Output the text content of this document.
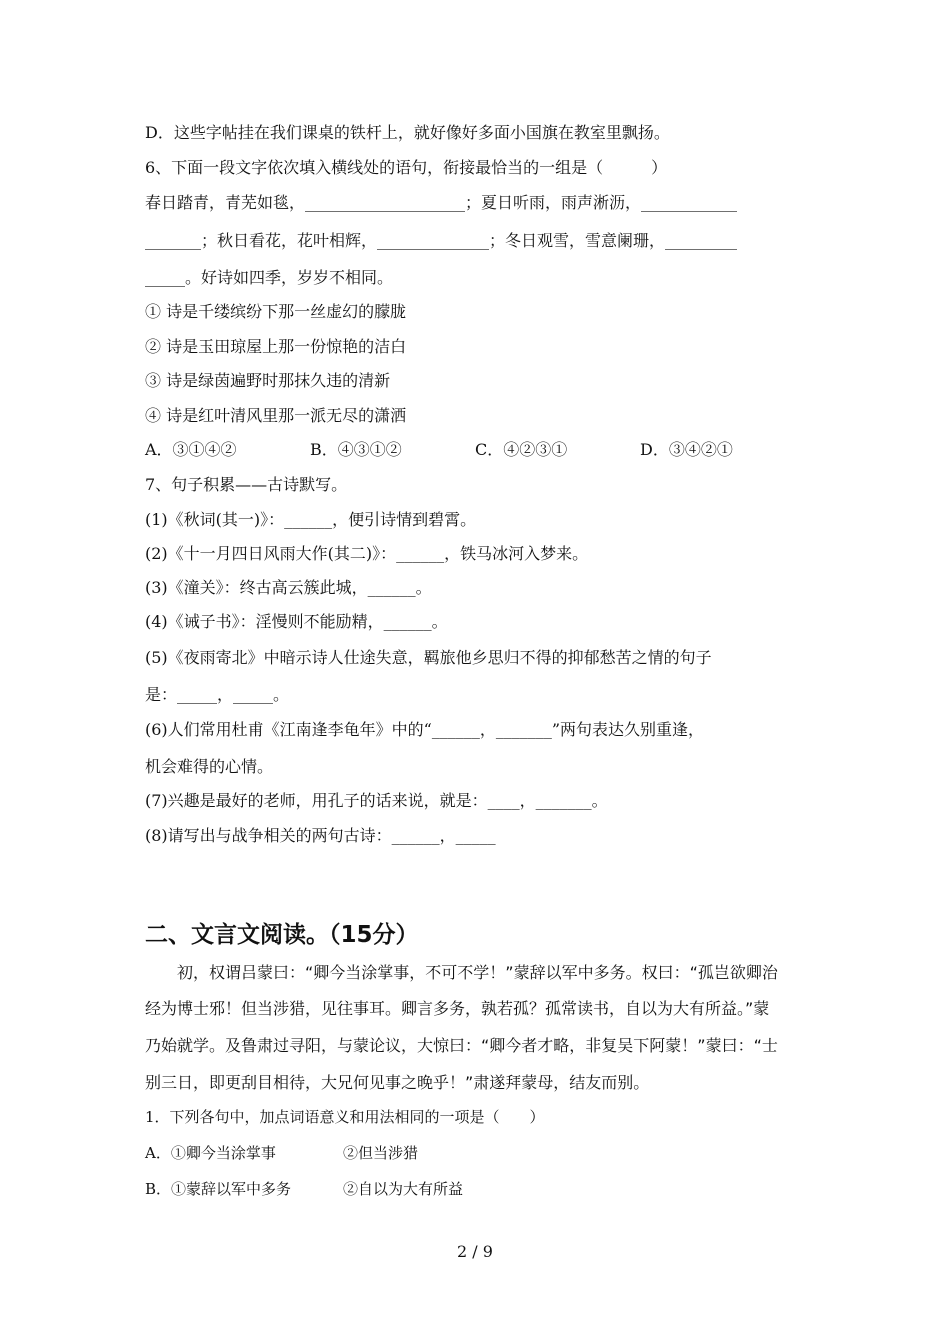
D．这些字帖挂在我们课桌的铁杆上，就好像好多面小国旗在教室里飘扬。
6、下面一段文字依次填入横线处的语句，衔接最恰当的一组是（　　　）
春日踏青，青芜如毯，____________________；夏日听雨，雨声淅沥，____________
_______；秋日看花，花叶相辉，______________；冬日观雪，雪意阑珊，_________
_____。好诗如四季，岁岁不相同。
① 诗是千缕缤纷下那一丝虚幻的朦胧
② 诗是玉田琼屋上那一份惊艳的洁白
③ 诗是绿茵遍野时那抹久违的清新
④ 诗是红叶清风里那一派无尽的潇洒
A．③①④②	B．④③①②	C．④②③①	D．③④②①
7、句子积累——古诗默写。
(1)《秋词(其一)》：______，便引诗情到碧霄。
(2)《十一月四日风雨大作(其二)》：______，铁马冰河入梦来。
(3)《潼关》：终古高云簇此城，______。
(4)《诫子书》：淫慢则不能励精，______。
(5)《夜雨寄北》中暗示诗人仕途失意，羁旅他乡思归不得的抑郁愁苦之情的句子
是：_____，_____。
(6)人们常用杜甫《江南逢李龟年》中的“______，_______”两句表达久别重逢，
机会难得的心情。
(7)兴趣是最好的老师，用孔子的话来说，就是：____，_______。
(8)请写出与战争相关的两句古诗：______，_____
二、文言文阅读。（15分）
　　初，权谓吕蒙曰：“卿今当涂掌事，不可不学！”蒙辞以军中多务。权曰：“孤岂欲卿治
经为博士邪！但当涉猎，见往事耳。卿言多务，孰若孤？孤常读书，自以为大有所益。”蒙
乃始就学。及鲁肃过寻阳，与蒙论议，大惊曰：“卿今者才略，非复吴下阿蒙！”蒙曰：“士
别三日，即更刮目相待，大兄何见事之晚乎！”肃遂拜蒙母，结友而别。
1．下列各句中，加点词语意义和用法相同的一项是（　　）
A．①卿今当涂掌事	②但当涉猎
B．①蒙辞以军中多务	②自以为大有所益
2 / 9
